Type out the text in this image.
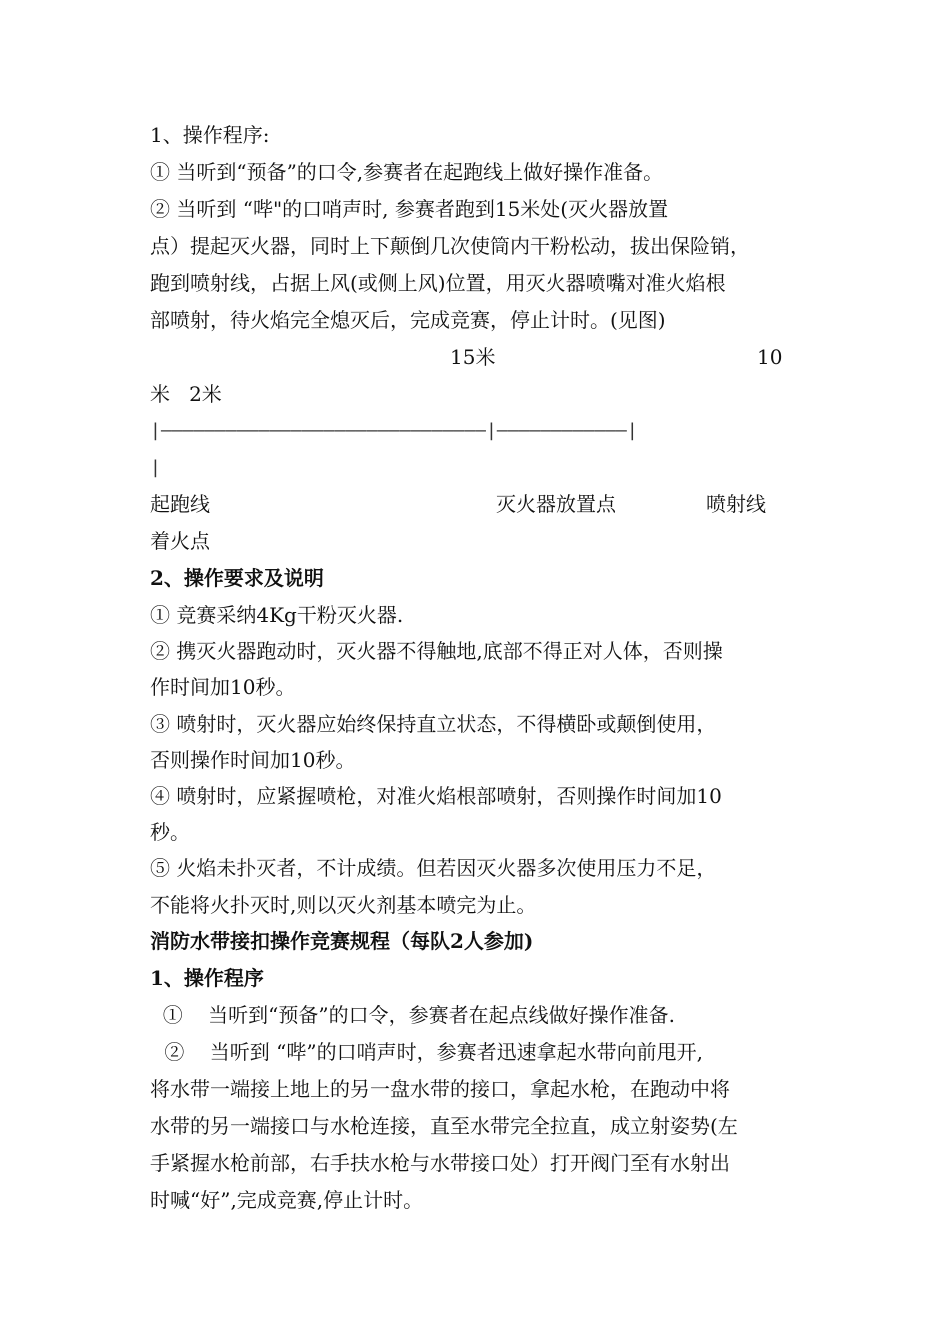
1、操作程序:
① 当听到“预备”的口令,参赛者在起跑线上做好操作准备。
② 当听到 “哔"的口哨声时, 参赛者跑到15米处(灭火器放置
点）提起灭火器，同时上下颠倒几次使筒内干粉松动，拔出保险销，
跑到喷射线，占据上风(或侧上风)位置，用灭火器喷嘴对准火焰根
部喷射，待火焰完全熄灭后，完成竞赛，停止计时。(见图)
15米	10
米   2米
|——————————————————————————————|————————————|
|
起跑线	灭火器放置点	喷射线
着火点
2、操作要求及说明
① 竞赛采纳4Kg干粉灭火器.
② 携灭火器跑动时，灭火器不得触地,底部不得正对人体，否则操
作时间加10秒。
③ 喷射时，灭火器应始终保持直立状态，不得横卧或颠倒使用，
否则操作时间加10秒。
④ 喷射时，应紧握喷枪，对准火焰根部喷射，否则操作时间加10
秒。
⑤ 火焰未扑灭者，不计成绩。但若因灭火器多次使用压力不足，
不能将火扑灭时,则以灭火剂基本喷完为止。
消防水带接扣操作竞赛规程（每队2人参加)
1、操作程序
①    当听到“预备”的口令，参赛者在起点线做好操作准备.
②    当听到 “哔”的口哨声时，参赛者迅速拿起水带向前甩开,
将水带一端接上地上的另一盘水带的接口，拿起水枪，在跑动中将
水带的另一端接口与水枪连接，直至水带完全拉直，成立射姿势(左
手紧握水枪前部，右手扶水枪与水带接口处）打开阀门至有水射出
时喊“好”,完成竞赛,停止计时。
